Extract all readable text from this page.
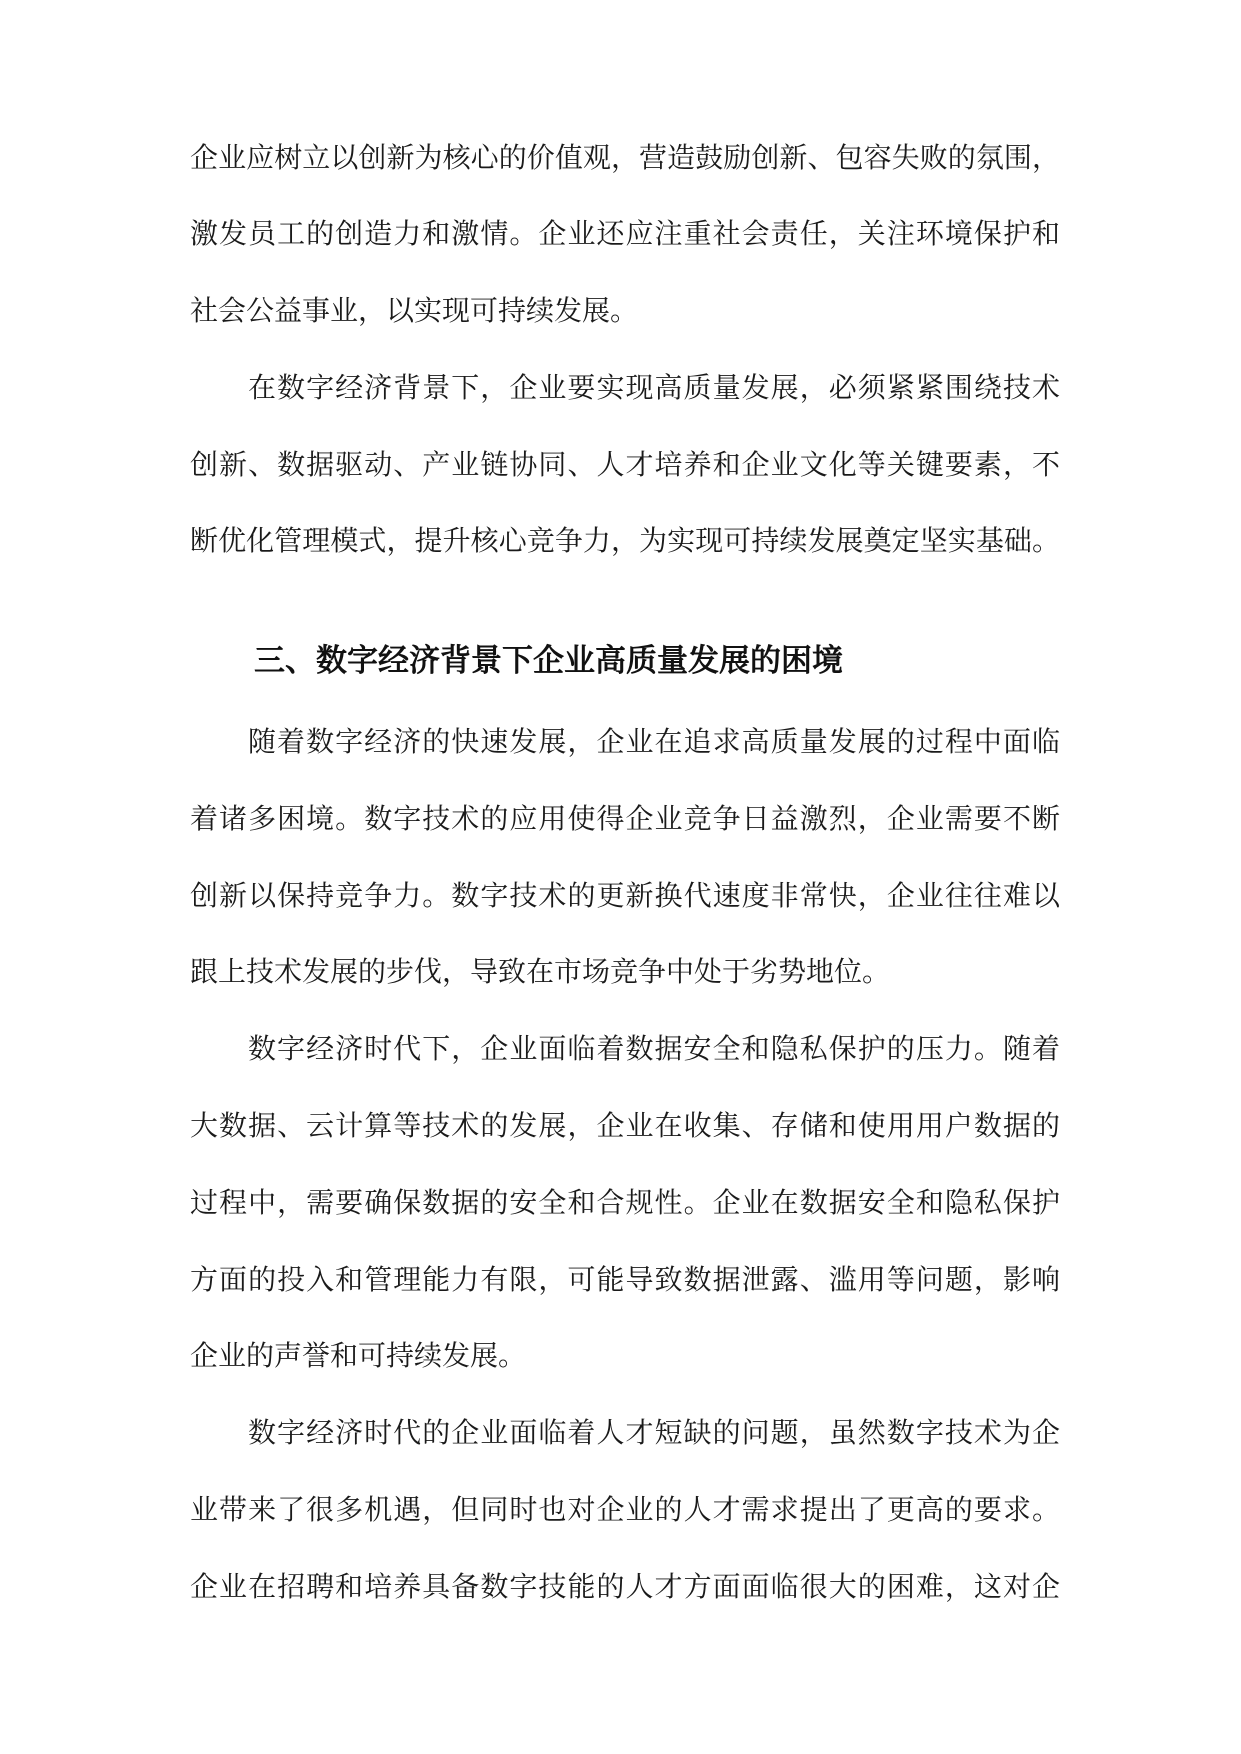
企业应树立以创新为核心的价值观，营造鼓励创新、包容失败的氛围，
激发员工的创造力和激情。企业还应注重社会责任，关注环境保护和
社会公益事业，以实现可持续发展。
在数字经济背景下，企业要实现高质量发展，必须紧紧围绕技术
创新、数据驱动、产业链协同、人才培养和企业文化等关键要素，不
断优化管理模式，提升核心竞争力，为实现可持续发展奠定坚实基础。
三、数字经济背景下企业高质量发展的困境
随着数字经济的快速发展，企业在追求高质量发展的过程中面临
着诸多困境。数字技术的应用使得企业竞争日益激烈，企业需要不断
创新以保持竞争力。数字技术的更新换代速度非常快，企业往往难以
跟上技术发展的步伐，导致在市场竞争中处于劣势地位。
数字经济时代下，企业面临着数据安全和隐私保护的压力。随着
大数据、云计算等技术的发展，企业在收集、存储和使用用户数据的
过程中，需要确保数据的安全和合规性。企业在数据安全和隐私保护
方面的投入和管理能力有限，可能导致数据泄露、滥用等问题，影响
企业的声誉和可持续发展。
数字经济时代的企业面临着人才短缺的问题，虽然数字技术为企
业带来了很多机遇，但同时也对企业的人才需求提出了更高的要求。
企业在招聘和培养具备数字技能的人才方面面临很大的困难，这对企
